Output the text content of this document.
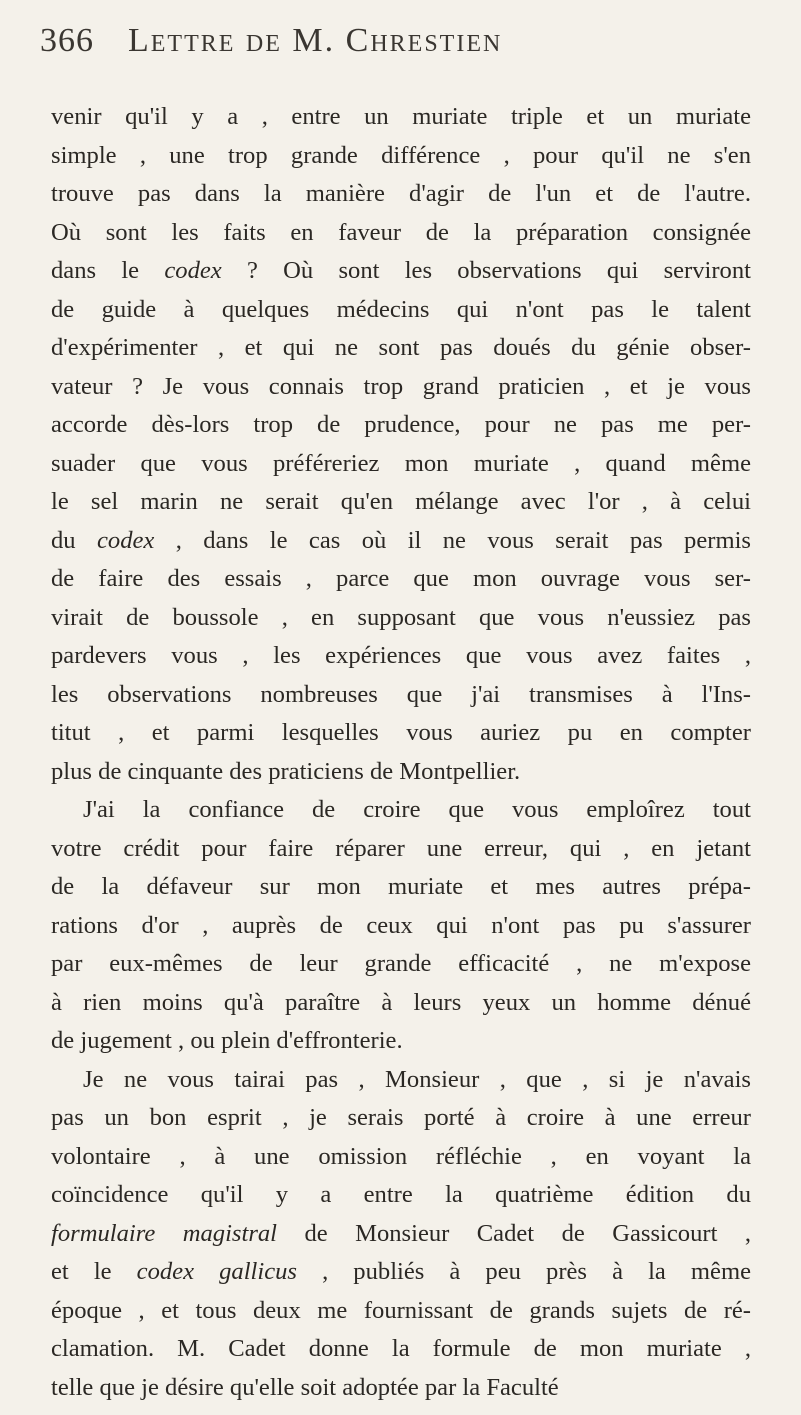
366	Lettre de M. Chrestien
venir qu'il y a , entre un muriate triple et un muriate
simple , une trop grande différence , pour qu'il ne s'en
trouve pas dans la manière d'agir de l'un et de l'autre.
Où sont les faits en faveur de la préparation consignée
dans le codex ? Où sont les observations qui serviront
de guide à quelques médecins qui n'ont pas le talent
d'expérimenter , et qui ne sont pas doués du génie obser-
vateur ? Je vous connais trop grand praticien , et je vous
accorde dès-lors trop de prudence, pour ne pas me per-
suader que vous préféreriez mon muriate , quand même
le sel marin ne serait qu'en mélange avec l'or , à celui
du codex , dans le cas où il ne vous serait pas permis
de faire des essais , parce que mon ouvrage vous ser-
virait de boussole , en supposant que vous n'eussiez pas
pardevers vous , les expériences que vous avez faites ,
les observations nombreuses que j'ai transmises à l'Ins-
titut , et parmi lesquelles vous auriez pu en compter
plus de cinquante des praticiens de Montpellier.
J'ai la confiance de croire que vous emploîrez tout
votre crédit pour faire réparer une erreur, qui , en jetant
de la défaveur sur mon muriate et mes autres prépa-
rations d'or , auprès de ceux qui n'ont pas pu s'assurer
par eux-mêmes de leur grande efficacité , ne m'expose
à rien moins qu'à paraître à leurs yeux un homme dénué
de jugement , ou plein d'effronterie.
Je ne vous tairai pas , Monsieur , que , si je n'avais
pas un bon esprit , je serais porté à croire à une erreur
volontaire , à une omission réfléchie , en voyant la
coïncidence qu'il y a entre la quatrième édition du
formulaire magistral de Monsieur Cadet de Gassicourt ,
et le codex gallicus , publiés à peu près à la même
époque , et tous deux me fournissant de grands sujets de ré-
clamation. M. Cadet donne la formule de mon muriate ,
telle que je désire qu'elle soit adoptée par la Faculté
